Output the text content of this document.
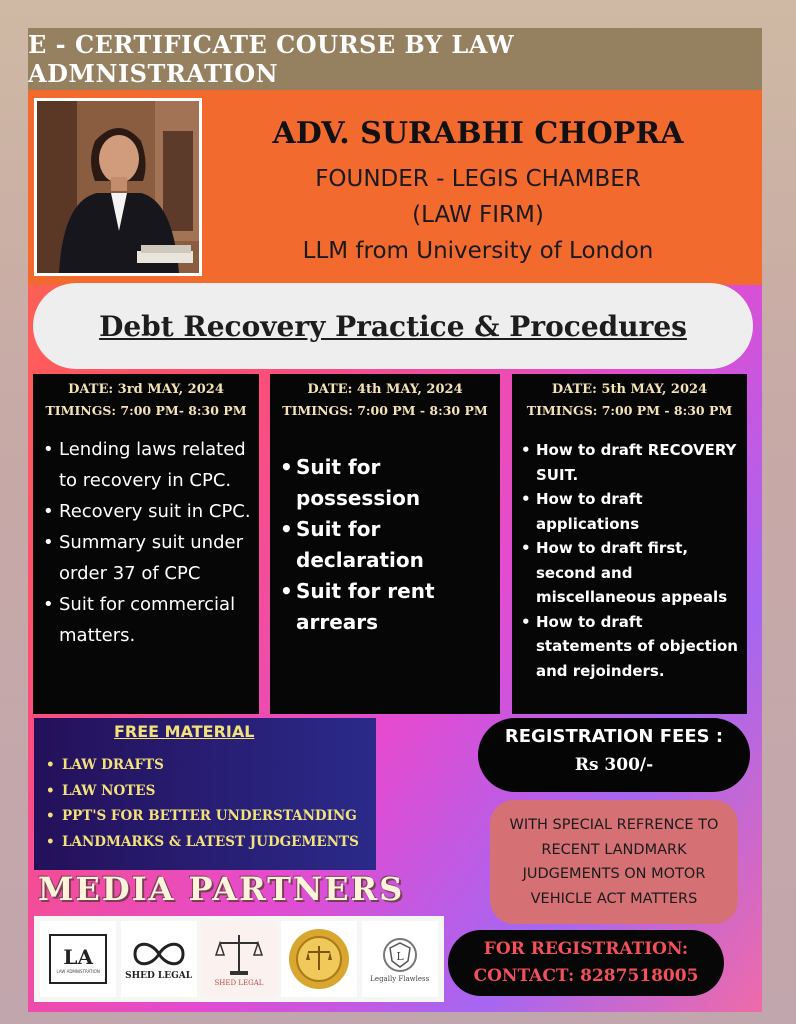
E - CERTIFICATE COURSE BY LAW ADMNISTRATION
ADV. SURABHI CHOPRA
FOUNDER - LEGIS CHAMBER
(LAW FIRM)
LLM from University of London
Debt Recovery Practice & Procedures
DATE: 3rd MAY, 2024
TIMINGS: 7:00 PM- 8:30 PM
• Lending laws related to recovery in CPC.
• Recovery suit in CPC.
• Summary suit under order 37 of CPC
• Suit for commercial matters.
DATE: 4th MAY, 2024
TIMINGS: 7:00 PM - 8:30 PM
• Suit for possession
• Suit for declaration
• Suit for rent arrears
DATE: 5th MAY, 2024
TIMINGS: 7:00 PM - 8:30 PM
• How to draft RECOVERY SUIT.
• How to draft applications
• How to draft first, second and miscellaneous appeals
• How to draft statements of objection and rejoinders.
FREE MATERIAL
• LAW DRAFTS
• LAW NOTES
• PPT'S FOR BETTER UNDERSTANDING
• LANDMARKS & LATEST JUDGEMENTS
REGISTRATION FEES :
Rs 300/-
WITH SPECIAL REFRENCE TO RECENT LANDMARK JUDGEMENTS ON MOTOR VEHICLE ACT MATTERS
MEDIA PARTNERS
LA
LAW ADMNISTRATION	SHED LEGAL
SHED LEGAL
L
Legally Flawless
FOR REGISTRATION:
CONTACT: 8287518005
